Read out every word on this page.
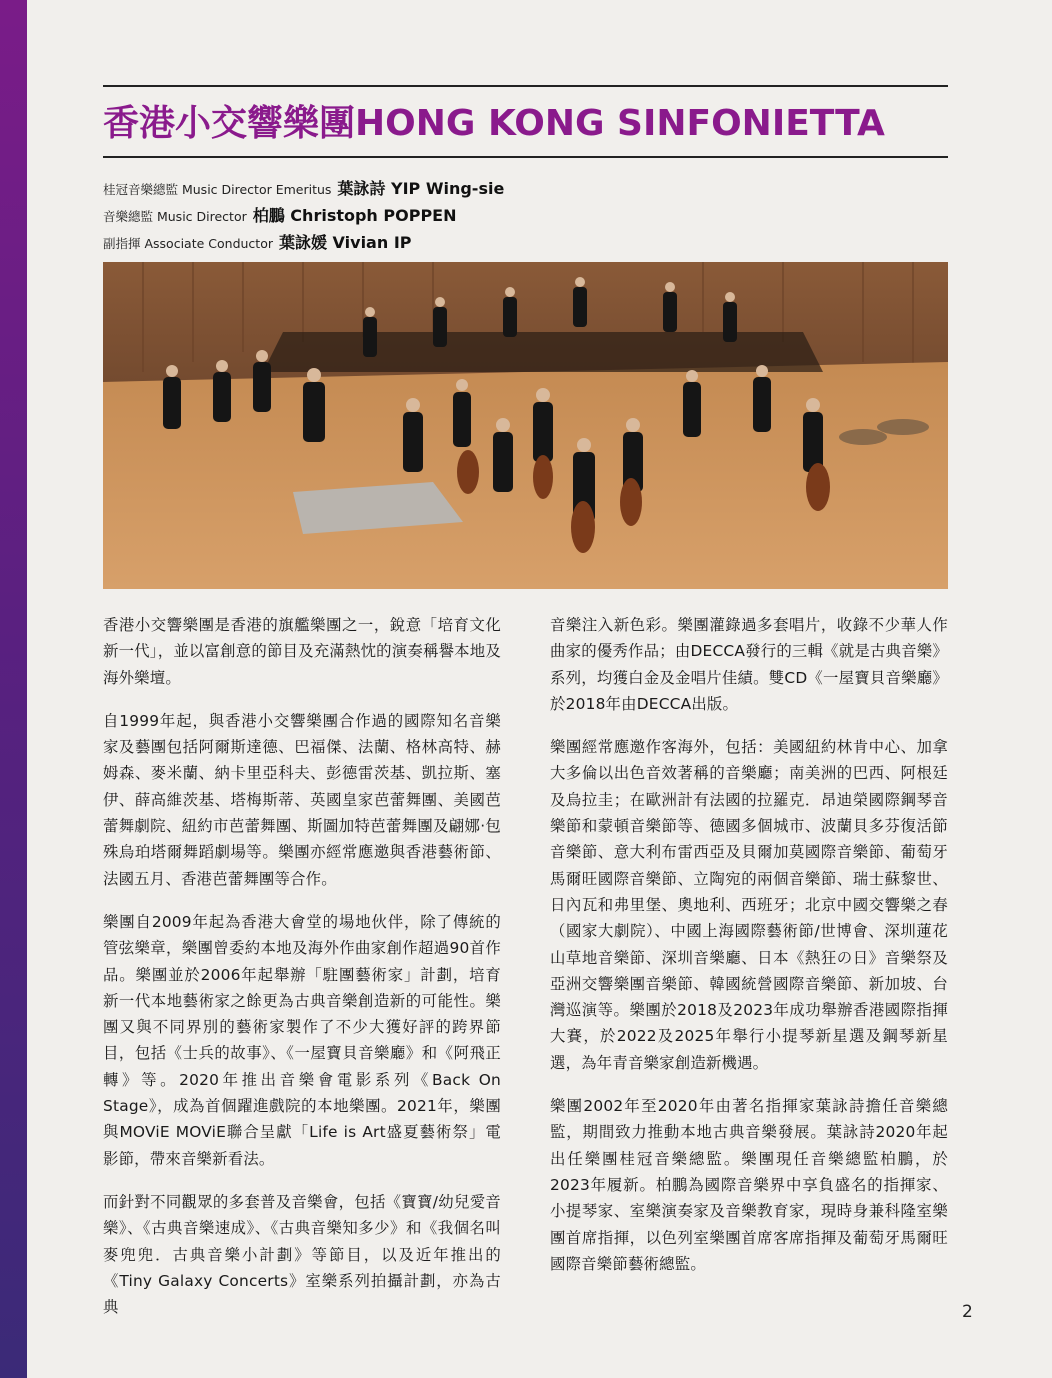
香港小交響樂團HONG KONG SINFONIETTA
桂冠音樂總監 Music Director Emeritus 葉詠詩 YIP Wing-sie
音樂總監 Music Director 柏鵬 Christoph POPPEN
副指揮 Associate Conductor 葉詠媛 Vivian IP

香港小交響樂團是香港的旗艦樂團之一，銳意「培育文化新一代」，並以富創意的節目及充滿熱忱的演奏稱譽本地及海外樂壇。

自1999年起，與香港小交響樂團合作過的國際知名音樂家及藝團包括阿爾斯達德、巴福傑、法蘭、格林高特、赫姆森、麥米蘭、納卡里亞科夫、彭德雷茨基、凱拉斯、塞伊、薛高維茨基、塔梅斯蒂、英國皇家芭蕾舞團、美國芭蕾舞劇院、紐約市芭蕾舞團、斯圖加特芭蕾舞團及翩娜·包殊烏珀塔爾舞蹈劇場等。樂團亦經常應邀與香港藝術節、法國五月、香港芭蕾舞團等合作。

樂團自2009年起為香港大會堂的場地伙伴，除了傳統的管弦樂章，樂團曾委約本地及海外作曲家創作超過90首作品。樂團並於2006年起舉辦「駐團藝術家」計劃，培育新一代本地藝術家之餘更為古典音樂創造新的可能性。樂團又與不同界別的藝術家製作了不少大獲好評的跨界節目，包括《士兵的故事》、《一屋寶貝音樂廳》和《阿飛正轉》等。2020年推出音樂會電影系列《Back On Stage》，成為首個躍進戲院的本地樂團。2021年，樂團與MOViE MOViE聯合呈獻「Life is Art盛夏藝術祭」電影節，帶來音樂新看法。

而針對不同觀眾的多套普及音樂會，包括《寶寶/幼兒愛音樂》、《古典音樂速成》、《古典音樂知多少》和《我個名叫麥兜兜．古典音樂小計劃》等節目，以及近年推出的《Tiny Galaxy Concerts》室樂系列拍攝計劃，亦為古典

音樂注入新色彩。樂團灌錄過多套唱片，收錄不少華人作曲家的優秀作品；由DECCA發行的三輯《就是古典音樂》系列，均獲白金及金唱片佳績。雙CD《一屋寶貝音樂廳》於2018年由DECCA出版。

樂團經常應邀作客海外，包括：美國紐約林肯中心、加拿大多倫以出色音效著稱的音樂廳；南美洲的巴西、阿根廷及烏拉圭；在歐洲計有法國的拉羅克．昂迪榮國際鋼琴音樂節和蒙頓音樂節等、德國多個城市、波蘭貝多芬復活節音樂節、意大利布雷西亞及貝爾加莫國際音樂節、葡萄牙馬爾旺國際音樂節、立陶宛的兩個音樂節、瑞士蘇黎世、日內瓦和弗里堡、奧地利、西班牙；北京中國交響樂之春（國家大劇院）、中國上海國際藝術節/世博會、深圳蓮花山草地音樂節、深圳音樂廳、日本《熱狂の日》音樂祭及亞洲交響樂團音樂節、韓國統營國際音樂節、新加坡、台灣巡演等。樂團於2018及2023年成功舉辦香港國際指揮大賽，於2022及2025年舉行小提琴新星選及鋼琴新星選，為年青音樂家創造新機遇。

樂團2002年至2020年由著名指揮家葉詠詩擔任音樂總監，期間致力推動本地古典音樂發展。葉詠詩2020年起出任樂團桂冠音樂總監。樂團現任音樂總監柏鵬，於2023年履新。柏鵬為國際音樂界中享負盛名的指揮家、小提琴家、室樂演奏家及音樂教育家，現時身兼科隆室樂團首席指揮，以色列室樂團首席客席指揮及葡萄牙馬爾旺國際音樂節藝術總監。

2
